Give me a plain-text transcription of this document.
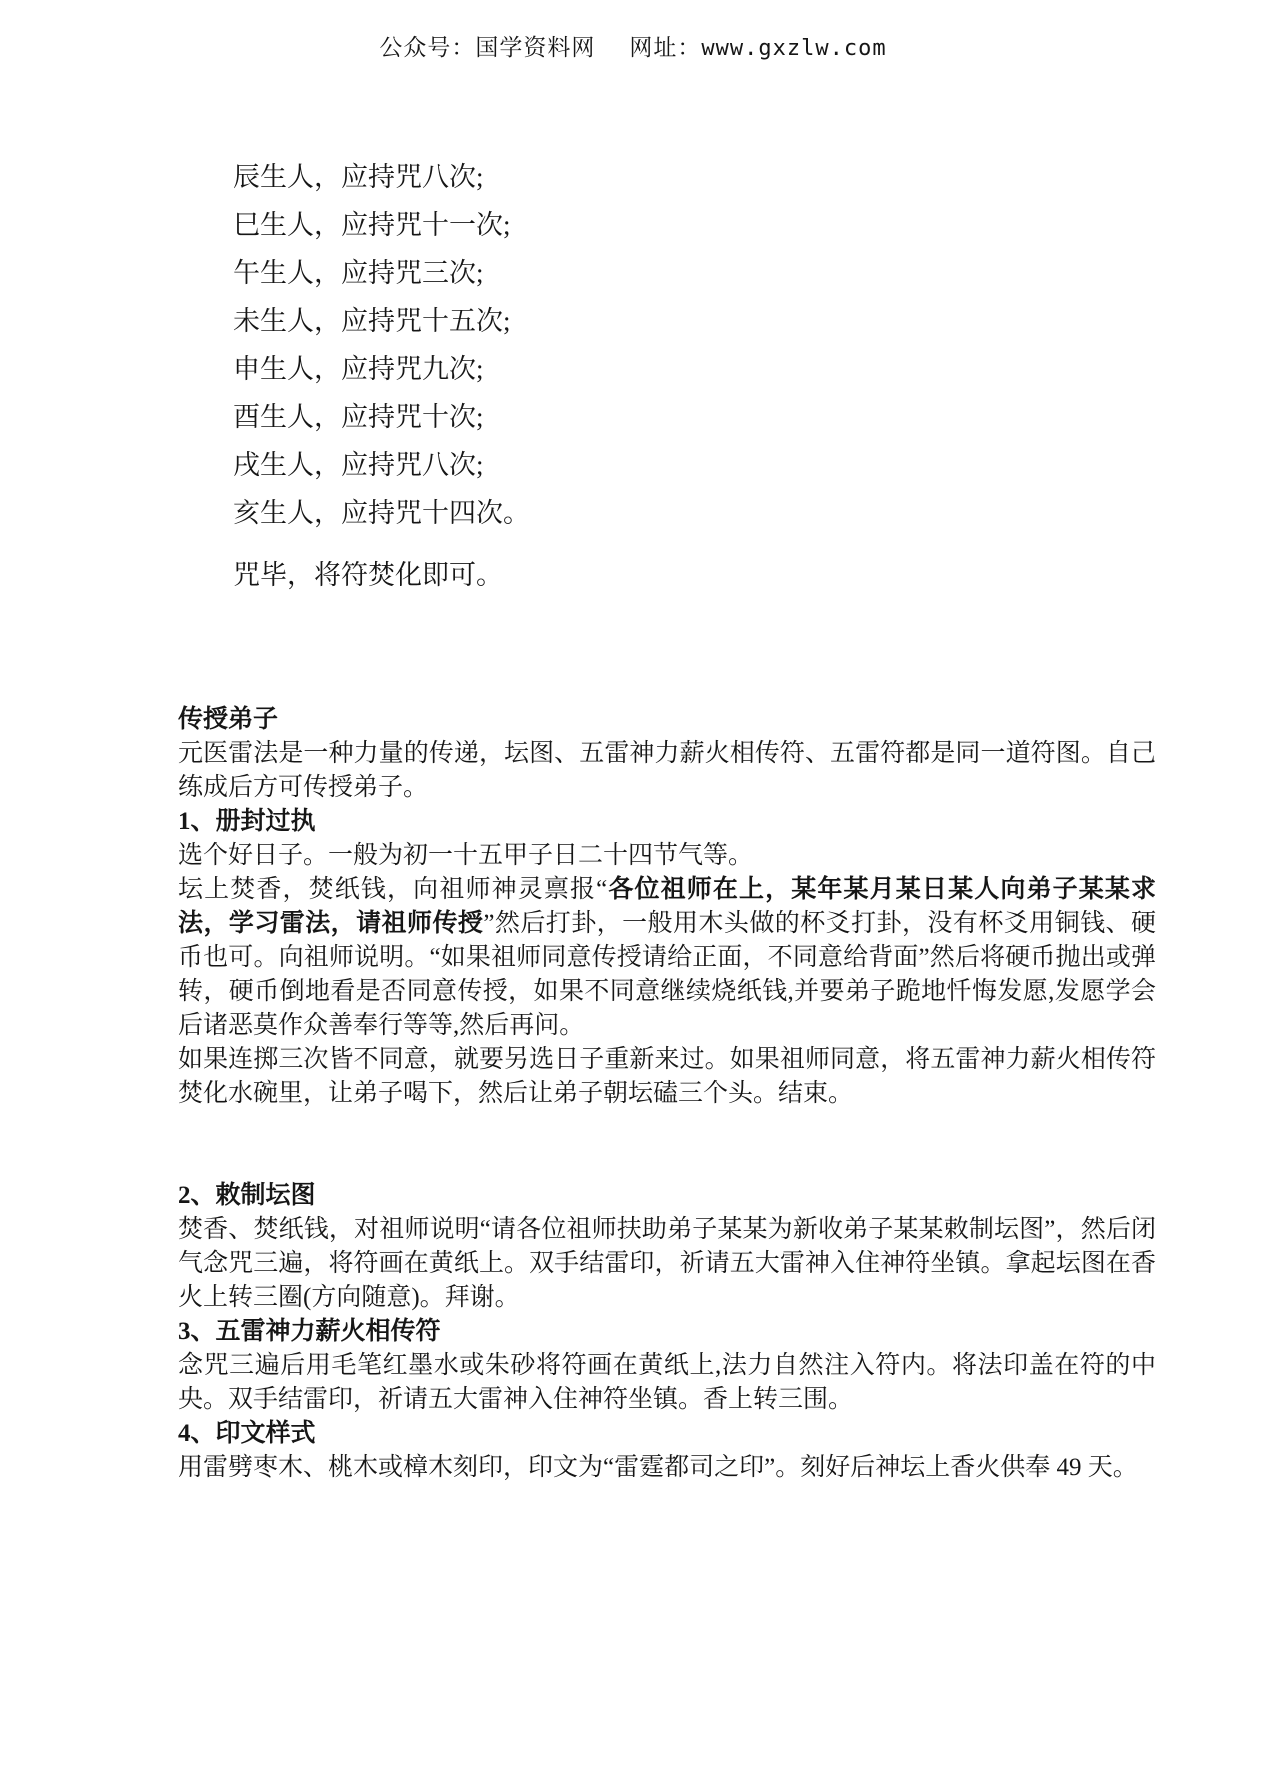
公众号：国学资料网 网址：www.gxzlw.com
辰生人，应持咒八次;
巳生人，应持咒十一次;
午生人，应持咒三次;
未生人，应持咒十五次;
申生人，应持咒九次;
酉生人，应持咒十次;
戌生人，应持咒八次;
亥生人，应持咒十四次。
咒毕，将符焚化即可。
传授弟子

元医雷法是一种力量的传递，坛图、五雷神力薪火相传符、五雷符都是同一道符图。自己练成后方可传授弟子。

1、册封过执

选个好日子。一般为初一十五甲子日二十四节气等。

坛上焚香，焚纸钱，向祖师神灵禀报“各位祖师在上，某年某月某日某人向弟子某某求法，学习雷法，请祖师传授”然后打卦，一般用木头做的杯爻打卦，没有杯爻用铜钱、硬币也可。向祖师说明。“如果祖师同意传授请给正面，不同意给背面”然后将硬币抛出或弹转，硬币倒地看是否同意传授，如果不同意继续烧纸钱,并要弟子跪地忏悔发愿,发愿学会后诸恶莫作众善奉行等等,然后再问。

如果连掷三次皆不同意，就要另选日子重新来过。如果祖师同意，将五雷神力薪火相传符焚化水碗里，让弟子喝下，然后让弟子朝坛磕三个头。结束。

2、敕制坛图

焚香、焚纸钱，对祖师说明“请各位祖师扶助弟子某某为新收弟子某某敕制坛图”，然后闭气念咒三遍，将符画在黄纸上。双手结雷印，祈请五大雷神入住神符坐镇。拿起坛图在香火上转三圈(方向随意)。拜谢。

3、五雷神力薪火相传符

念咒三遍后用毛笔红墨水或朱砂将符画在黄纸上,法力自然注入符内。将法印盖在符的中央。双手结雷印，祈请五大雷神入住神符坐镇。香上转三围。

4、印文样式

用雷劈枣木、桃木或樟木刻印，印文为“雷霆都司之印”。刻好后神坛上香火供奉 49 天。
